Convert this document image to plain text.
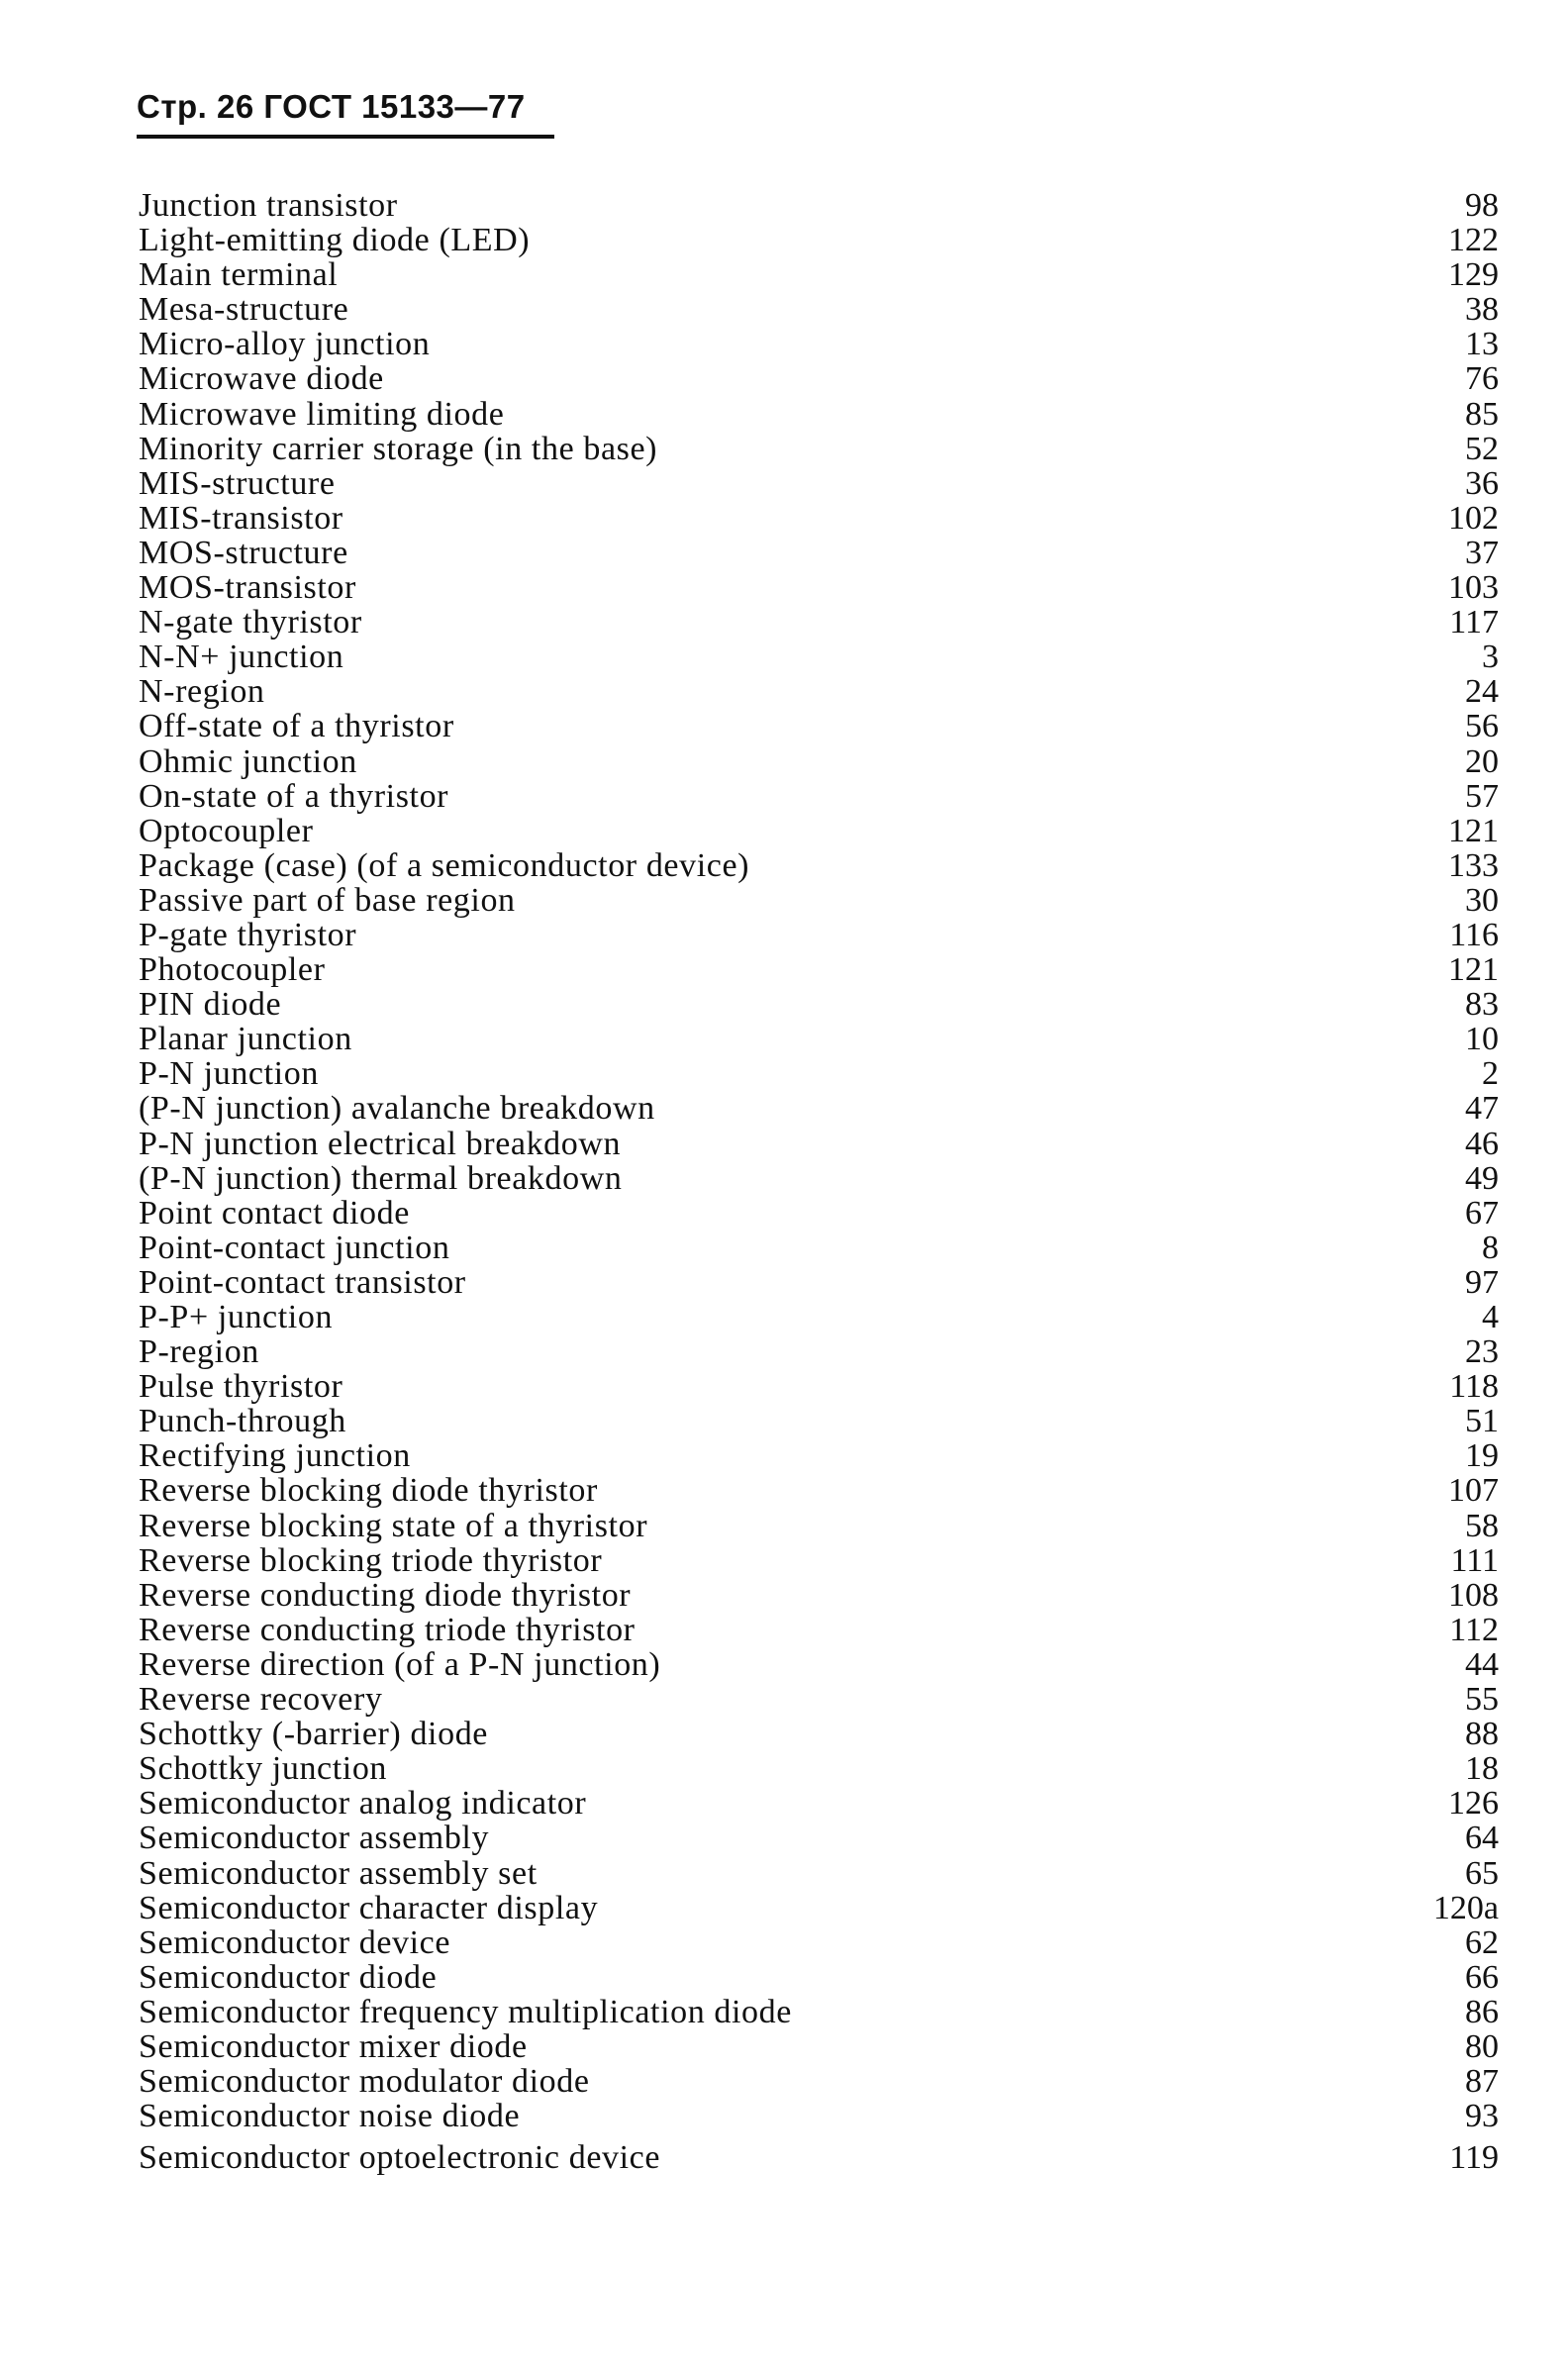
Стр. 26 ГОСТ 15133—77
Junction transistor	98
Light-emitting diode (LED)	122
Main terminal	129
Mesa-structure	38
Micro-alloy junction	13
Microwave diode	76
Microwave limiting diode	85
Minority carrier storage (in the base)	52
MIS-structure	36
MIS-transistor	102
MOS-structure	37
MOS-transistor	103
N-gate thyristor	117
N-N+ junction	3
N-region	24
Off-state of a thyristor	56
Ohmic junction	20
On-state of a thyristor	57
Optocoupler	121
Package (case) (of a semiconductor device)	133
Passive part of base region	30
P-gate thyristor	116
Photocoupler	121
PIN diode	83
Planar junction	10
P-N junction	2
(P-N junction) avalanche breakdown	47
P-N junction electrical breakdown	46
(P-N junction) thermal breakdown	49
Point contact diode	67
Point-contact junction	8
Point-contact transistor	97
P-P+ junction	4
P-region	23
Pulse thyristor	118
Punch-through	51
Rectifying junction	19
Reverse blocking diode thyristor	107
Reverse blocking state of a thyristor	58
Reverse blocking triode thyristor	111
Reverse conducting diode thyristor	108
Reverse conducting triode thyristor	112
Reverse direction (of a P-N junction)	44
Reverse recovery	55
Schottky (-barrier) diode	88
Schottky junction	18
Semiconductor analog indicator	126
Semiconductor assembly	64
Semiconductor assembly set	65
Semiconductor character display	120a
Semiconductor device	62
Semiconductor diode	66
Semiconductor frequency multiplication diode	86
Semiconductor mixer diode	80
Semiconductor modulator diode	87
Semiconductor noise diode	93
Semiconductor optoelectronic device	119
